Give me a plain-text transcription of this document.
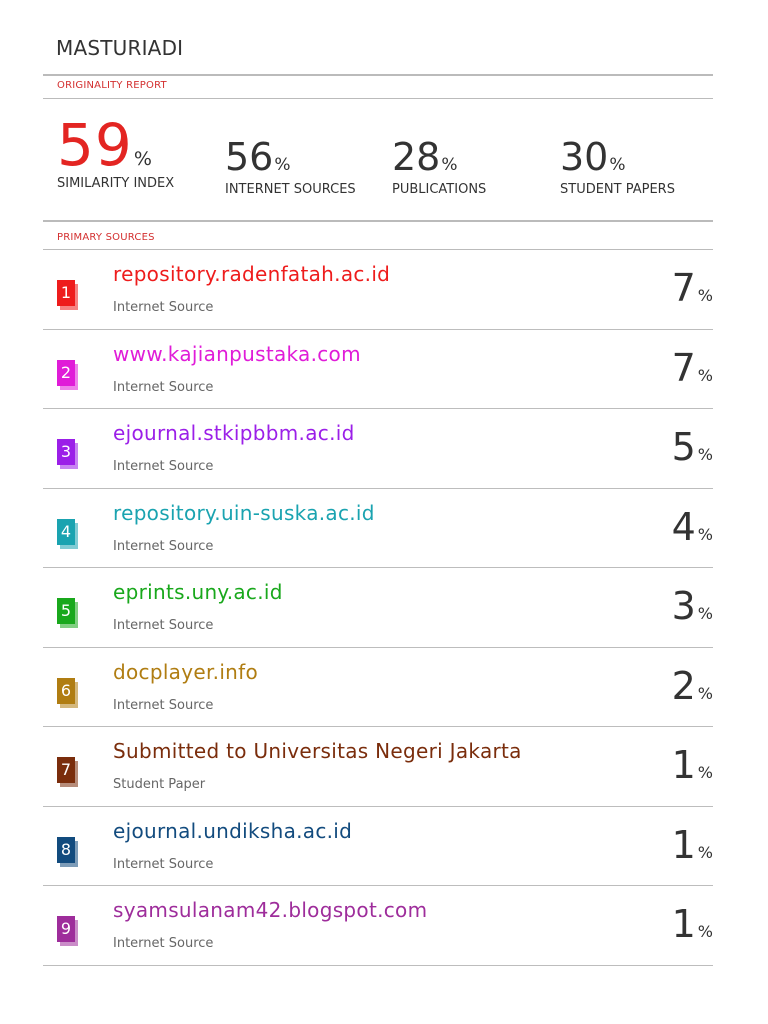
MASTURIADI
ORIGINALITY REPORT
59%
SIMILARITY INDEX
56%
INTERNET SOURCES
28%
PUBLICATIONS
30%
STUDENT PAPERS
PRIMARY SOURCES
1
repository.radenfatah.ac.id
Internet Source	7 %
2
www.kajianpustaka.com
Internet Source	7 %
3
ejournal.stkipbbm.ac.id
Internet Source	5 %
4
repository.uin-suska.ac.id
Internet Source	4 %
5
eprints.uny.ac.id
Internet Source	3 %
6
docplayer.info
Internet Source	2 %
7
Submitted to Universitas Negeri Jakarta
Student Paper	1 %
8
ejournal.undiksha.ac.id
Internet Source	1 %
9
syamsulanam42.blogspot.com
Internet Source	1 %
